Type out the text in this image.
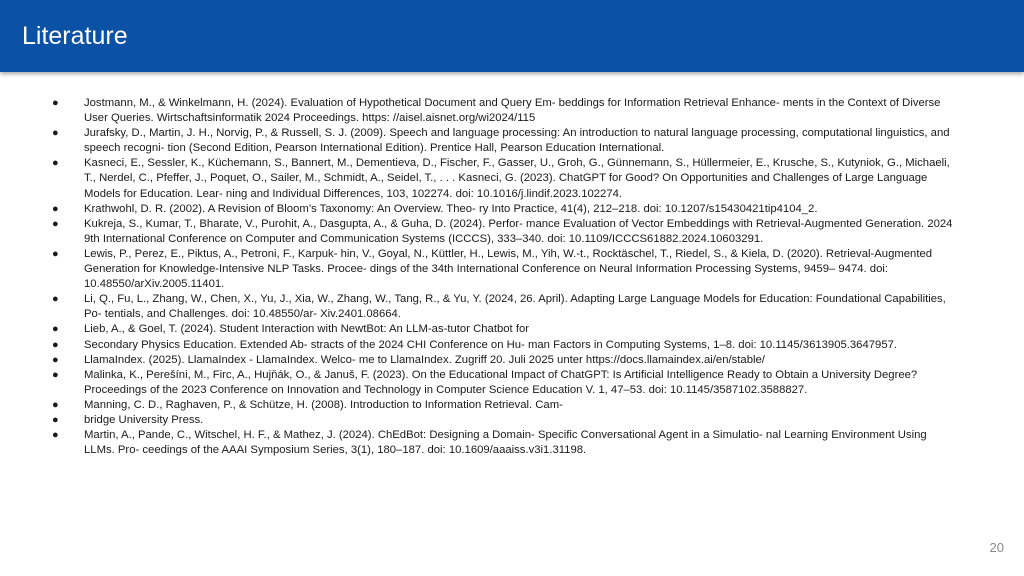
Literature
● Jostmann, M., & Winkelmann, H. (2024). Evaluation of Hypothetical Document and Query Em- beddings for Information Retrieval Enhance- ments in the Context of Diverse User Queries. Wirtschaftsinformatik 2024 Proceedings. https: //aisel.aisnet.org/wi2024/115
● Jurafsky, D., Martin, J. H., Norvig, P., & Russell, S. J. (2009). Speech and language processing: An introduction to natural language processing, computational linguistics, and speech recogni- tion (Second Edition, Pearson International Edition). Prentice Hall, Pearson Education International.
● Kasneci, E., Sessler, K., Küchemann, S., Bannert, M., Dementieva, D., Fischer, F., Gasser, U., Groh, G., Günnemann, S., Hüllermeier, E., Krusche, S., Kutyniok, G., Michaeli, T., Nerdel, C., Pfeffer, J., Poquet, O., Sailer, M., Schmidt, A., Seidel, T., . . . Kasneci, G. (2023). ChatGPT for Good? On Opportunities and Challenges of Large Language Models for Education. Lear- ning and Individual Differences, 103, 102274. doi: 10.1016/j.lindif.2023.102274.
● Krathwohl, D. R. (2002). A Revision of Bloom’s Taxonomy: An Overview. Theo- ry Into Practice, 41(4), 212–218. doi: 10.1207/s15430421tip4104_2.
● Kukreja, S., Kumar, T., Bharate, V., Purohit, A., Dasgupta, A., & Guha, D. (2024). Perfor- mance Evaluation of Vector Embeddings with Retrieval-Augmented Generation. 2024 9th International Conference on Computer and Communication Systems (ICCCS), 333–340. doi: 10.1109/ICCCS61882.2024.10603291.
● Lewis, P., Perez, E., Piktus, A., Petroni, F., Karpuk- hin, V., Goyal, N., Küttler, H., Lewis, M., Yih, W.-t., Rocktäschel, T., Riedel, S., & Kiela, D. (2020). Retrieval-Augmented Generation for Knowledge-Intensive NLP Tasks. Procee- dings of the 34th International Conference on Neural Information Processing Systems, 9459– 9474. doi: 10.48550/arXiv.2005.11401.
● Li, Q., Fu, L., Zhang, W., Chen, X., Yu, J., Xia, W., Zhang, W., Tang, R., & Yu, Y. (2024, 26. April). Adapting Large Language Models for Education: Foundational Capabilities, Po- tentials, and Challenges. doi: 10.48550/ar- Xiv.2401.08664.
● Lieb, A., & Goel, T. (2024). Student Interaction with NewtBot: An LLM-as-tutor Chatbot for
● Secondary Physics Education. Extended Ab- stracts of the 2024 CHI Conference on Hu- man Factors in Computing Systems, 1–8. doi: 10.1145/3613905.3647957.
● LlamaIndex. (2025). LlamaIndex - LlamaIndex. Welco- me to LlamaIndex. Zugriff 20. Juli 2025 unter https://docs.llamaindex.ai/en/stable/
● Malinka, K., Perešíni, M., Firc, A., Hujňák, O., & Januš, F. (2023). On the Educational Impact of ChatGPT: Is Artificial Intelligence Ready to Obtain a University Degree? Proceedings of the 2023 Conference on Innovation and Technology in Computer Science Education V. 1, 47–53. doi: 10.1145/3587102.3588827.
● Manning, C. D., Raghaven, P., & Schütze, H. (2008). Introduction to Information Retrieval. Cam-
● bridge University Press.
● Martin, A., Pande, C., Witschel, H. F., & Mathez, J. (2024). ChEdBot: Designing a Domain- Specific Conversational Agent in a Simulatio- nal Learning Environment Using LLMs. Pro- ceedings of the AAAI Symposium Series, 3(1), 180–187. doi: 10.1609/aaaiss.v3i1.31198.
20
